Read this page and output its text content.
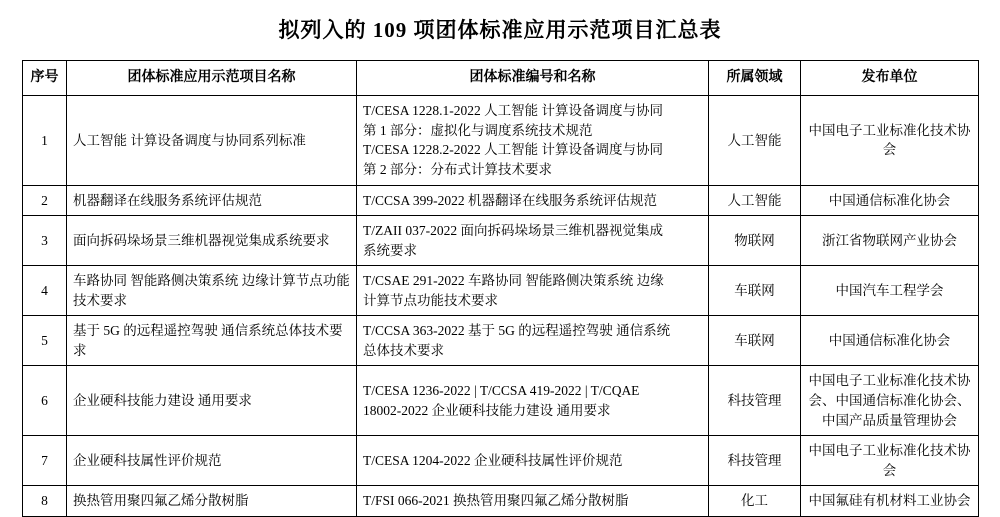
拟列入的 109 项团体标准应用示范项目汇总表
序号	团体标准应用示范项目名称	团体标准编号和名称	所属领域	发布单位
1	人工智能 计算设备调度与协同系列标准	T/CESA 1228.1-2022 人工智能 计算设备调度与协同
第 1 部分：虚拟化与调度系统技术规范
T/CESA 1228.2-2022 人工智能 计算设备调度与协同
第 2 部分：分布式计算技术要求	人工智能	中国电子工业标准化技术协会
2	机器翻译在线服务系统评估规范	T/CCSA 399-2022 机器翻译在线服务系统评估规范	人工智能	中国通信标准化协会
3	面向拆码垛场景三维机器视觉集成系统要求	T/ZAII 037-2022 面向拆码垛场景三维机器视觉集成
系统要求	物联网	浙江省物联网产业协会
4	车路协同 智能路侧决策系统 边缘计算节点功能技术要求	T/CSAE 291-2022 车路协同 智能路侧决策系统 边缘
计算节点功能技术要求	车联网	中国汽车工程学会
5	基于 5G 的远程遥控驾驶 通信系统总体技术要求	T/CCSA 363-2022 基于 5G 的远程遥控驾驶 通信系统
总体技术要求	车联网	中国通信标准化协会
6	企业硬科技能力建设 通用要求	T/CESA 1236-2022 | T/CCSA 419-2022 | T/CQAE
18002-2022 企业硬科技能力建设 通用要求	科技管理	中国电子工业标准化技术协会、中国通信标准化协会、中国产品质量管理协会
7	企业硬科技属性评价规范	T/CESA 1204-2022 企业硬科技属性评价规范	科技管理	中国电子工业标准化技术协会
8	换热管用聚四氟乙烯分散树脂	T/FSI 066-2021 换热管用聚四氟乙烯分散树脂	化工	中国氟硅有机材料工业协会
